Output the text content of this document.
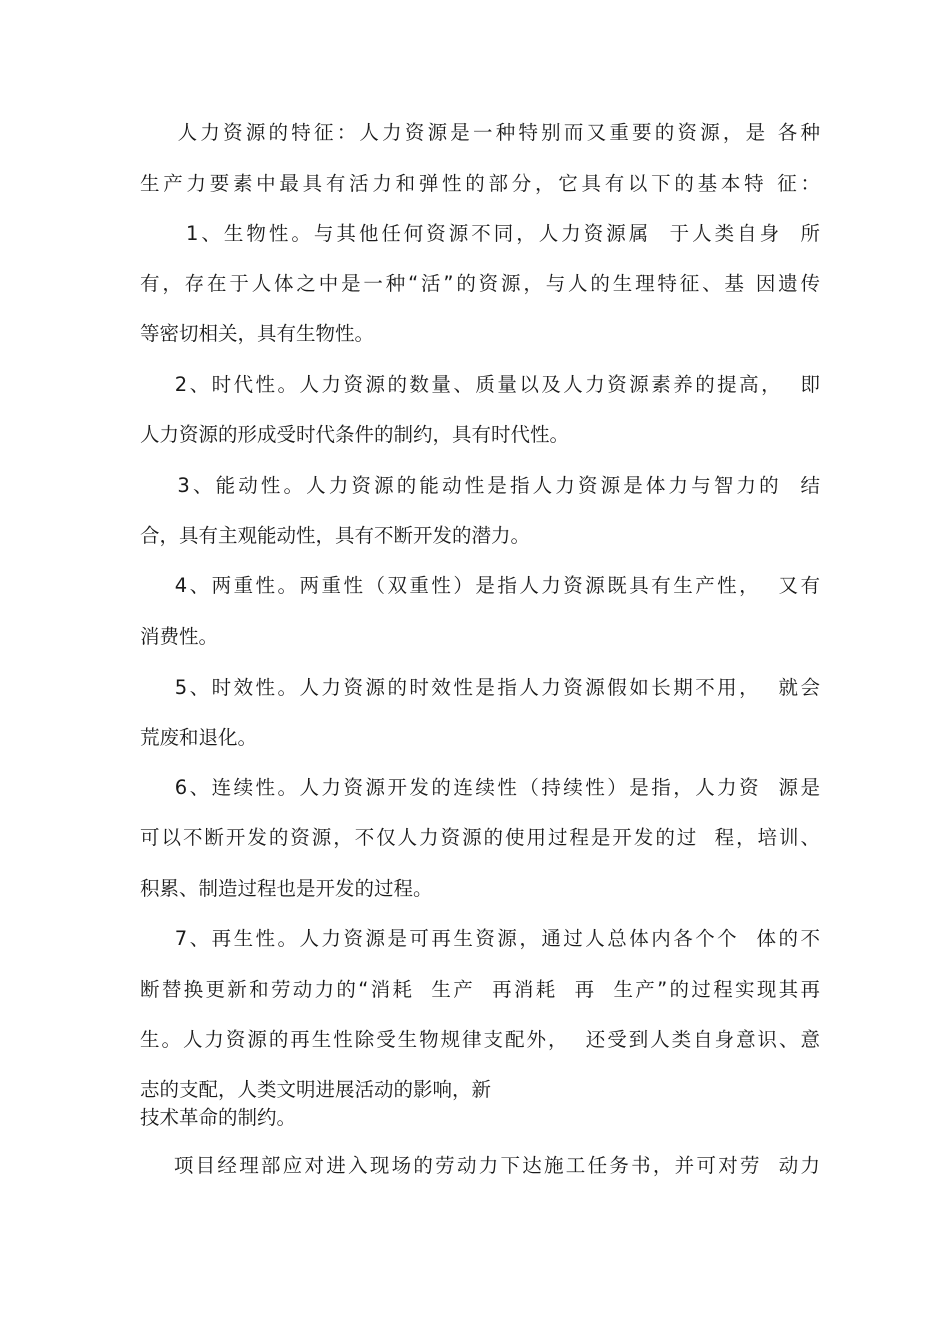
人力资源的特征：人力资源是一种特别而又重要的资源，是 各种
生产力要素中最具有活力和弹性的部分，它具有以下的基本特 征：
1、生物性。与其他任何资源不同，人力资源属  于人类自身  所
有，存在于人体之中是一种“活”的资源，与人的生理特征、基 因遗传
等密切相关，具有生物性。
2、时代性。人力资源的数量、质量以及人力资源素养的提高，  即
人力资源的形成受时代条件的制约，具有时代性。
3、能动性。人力资源的能动性是指人力资源是体力与智力的  结
合，具有主观能动性，具有不断开发的潜力。
4、两重性。两重性（双重性）是指人力资源既具有生产性，  又有
消费性。
5、时效性。人力资源的时效性是指人力资源假如长期不用，  就会
荒废和退化。
6、连续性。人力资源开发的连续性（持续性）是指，人力资  源是
可以不断开发的资源，不仅人力资源的使用过程是开发的过  程，培训、
积累、制造过程也是开发的过程。
7、再生性。人力资源是可再生资源，通过人总体内各个个  体的不
断替换更新和劳动力的“消耗  生产  再消耗  再  生产”的过程实现其再
生。人力资源的再生性除受生物规律支配外，  还受到人类自身意识、意
志的支配，人类文明进展活动的影响，新
技术革命的制约。
项目经理部应对进入现场的劳动力下达施工任务书，并可对劳  动力
